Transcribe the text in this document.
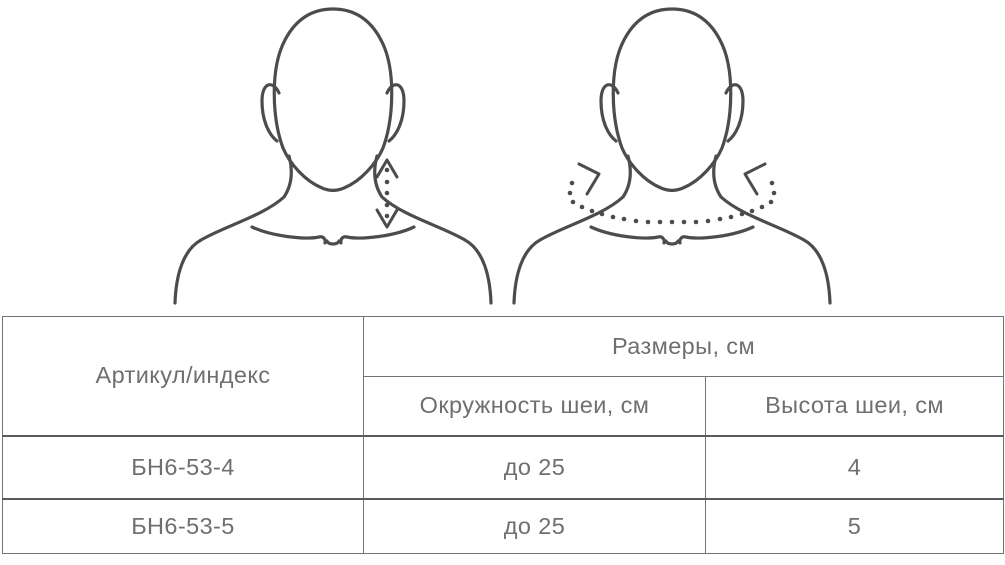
Артикул/индекс	Размеры, см	
	Окружность шеи, см	Высота шеи, см
БН6-53-4	до 25	4
БН6-53-5	до 25	5
